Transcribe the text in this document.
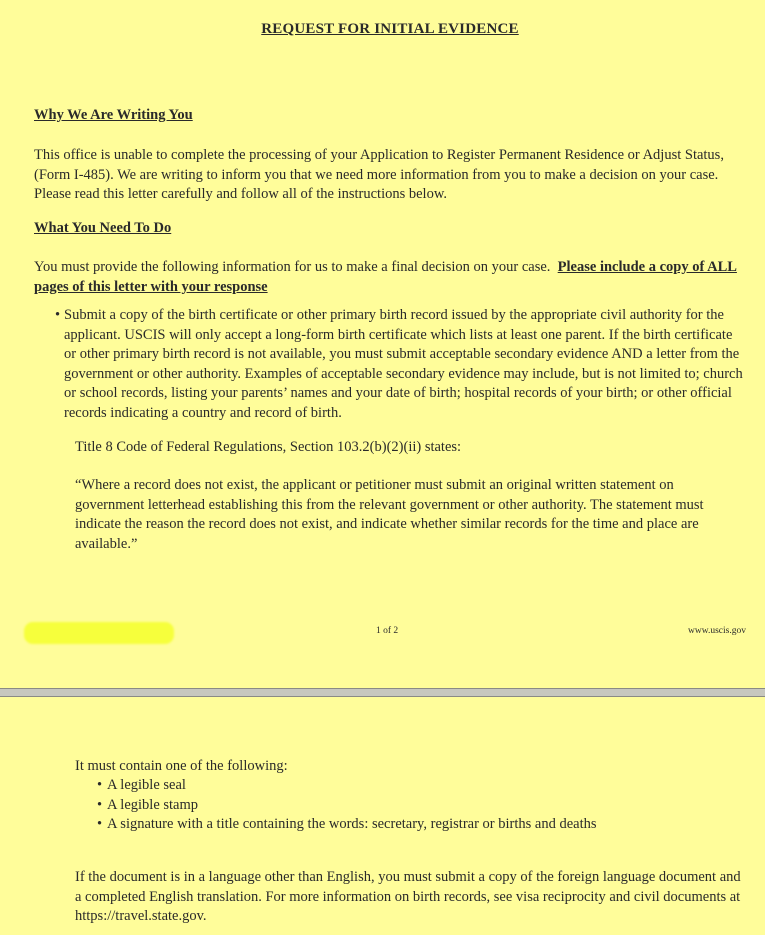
REQUEST FOR INITIAL EVIDENCE
Why We Are Writing You
This office is unable to complete the processing of your Application to Register Permanent Residence or Adjust Status, (Form I-485). We are writing to inform you that we need more information from you to make a decision on your case. Please read this letter carefully and follow all of the instructions below.
What You Need To Do
You must provide the following information for us to make a final decision on your case. Please include a copy of ALL pages of this letter with your response
• Submit a copy of the birth certificate or other primary birth record issued by the appropriate civil authority for the applicant. USCIS will only accept a long-form birth certificate which lists at least one parent. If the birth certificate or other primary birth record is not available, you must submit acceptable secondary evidence AND a letter from the government or other authority. Examples of acceptable secondary evidence may include, but is not limited to; church or school records, listing your parents’ names and your date of birth; hospital records of your birth; or other official records indicating a country and record of birth.
Title 8 Code of Federal Regulations, Section 103.2(b)(2)(ii) states:
“Where a record does not exist, the applicant or petitioner must submit an original written statement on government letterhead establishing this from the relevant government or other authority. The statement must indicate the reason the record does not exist, and indicate whether similar records for the time and place are available.”
1 of 2	www.uscis.gov
It must contain one of the following:
• A legible seal
• A legible stamp
• A signature with a title containing the words: secretary, registrar or births and deaths
If the document is in a language other than English, you must submit a copy of the foreign language document and a completed English translation. For more information on birth records, see visa reciprocity and civil documents at https://travel.state.gov.
